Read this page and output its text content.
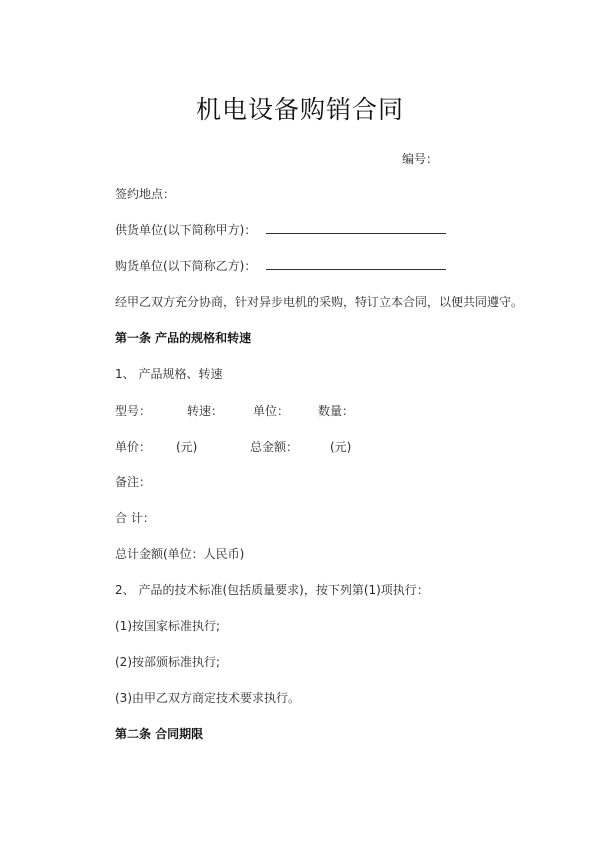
机电设备购销合同
编号：
签约地点：
供货单位(以下简称甲方)：
购货单位(以下简称乙方)：
经甲乙双方充分协商，针对异步电机的采购，特订立本合同，以便共同遵守。
第一条 产品的规格和转速
1、 产品规格、转速
型号：	转速： 单位： 数量：
单价： (元)	总金额：	(元)
备注：
合 计：
总计金额(单位：人民币)
2、 产品的技术标准(包括质量要求)，按下列第(1)项执行：
(1)按国家标准执行;
(2)按部颁标准执行;
(3)由甲乙双方商定技术要求执行。
第二条 合同期限
